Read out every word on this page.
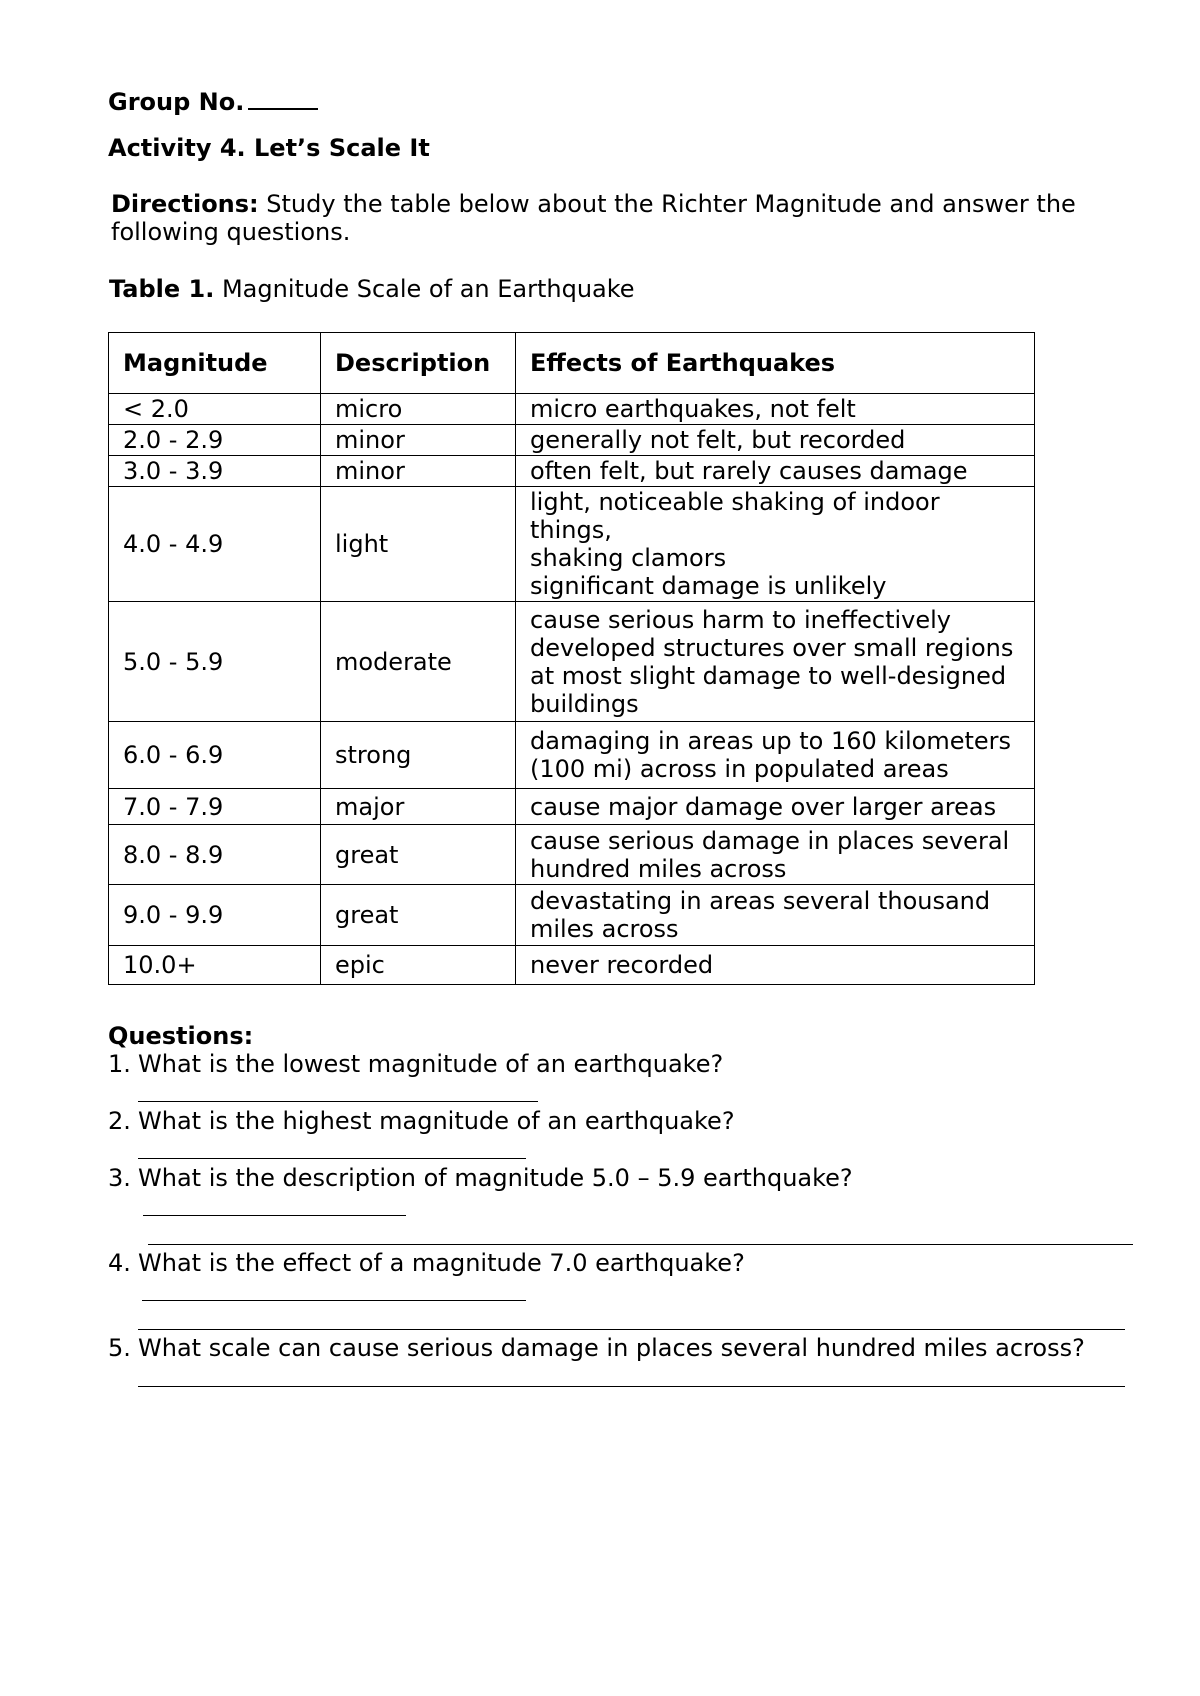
Group No.
Activity 4. Let’s Scale It
Directions: Study the table below about the Richter Magnitude and answer the
following questions.
Table 1. Magnitude Scale of an Earthquake
Magnitude	Description	Effects of Earthquakes
< 2.0	micro	micro earthquakes, not felt

2.0 - 2.9	minor	generally not felt, but recorded

3.0 - 3.9	minor	often felt, but rarely causes damage

4.0 - 4.9	light	light, noticeable shaking of indoor
things,
shaking clamors
significant damage is unlikely

5.0 - 5.9	moderate	cause serious harm to ineffectively
developed structures over small regions
at most slight damage to well-designed
buildings

6.0 - 6.9	strong	damaging in areas up to 160 kilometers
(100 mi) across in populated areas

7.0 - 7.9	major	cause major damage over larger areas

8.0 - 8.9	great	cause serious damage in places several
hundred miles across

9.0 - 9.9	great	devastating in areas several thousand
miles across

10.0+	epic	never recorded
Questions:
1. What is the lowest magnitude of an earthquake?
2. What is the highest magnitude of an earthquake?
3. What is the description of magnitude 5.0 – 5.9 earthquake?
4. What is the effect of a magnitude 7.0 earthquake?
5. What scale can cause serious damage in places several hundred miles across?
